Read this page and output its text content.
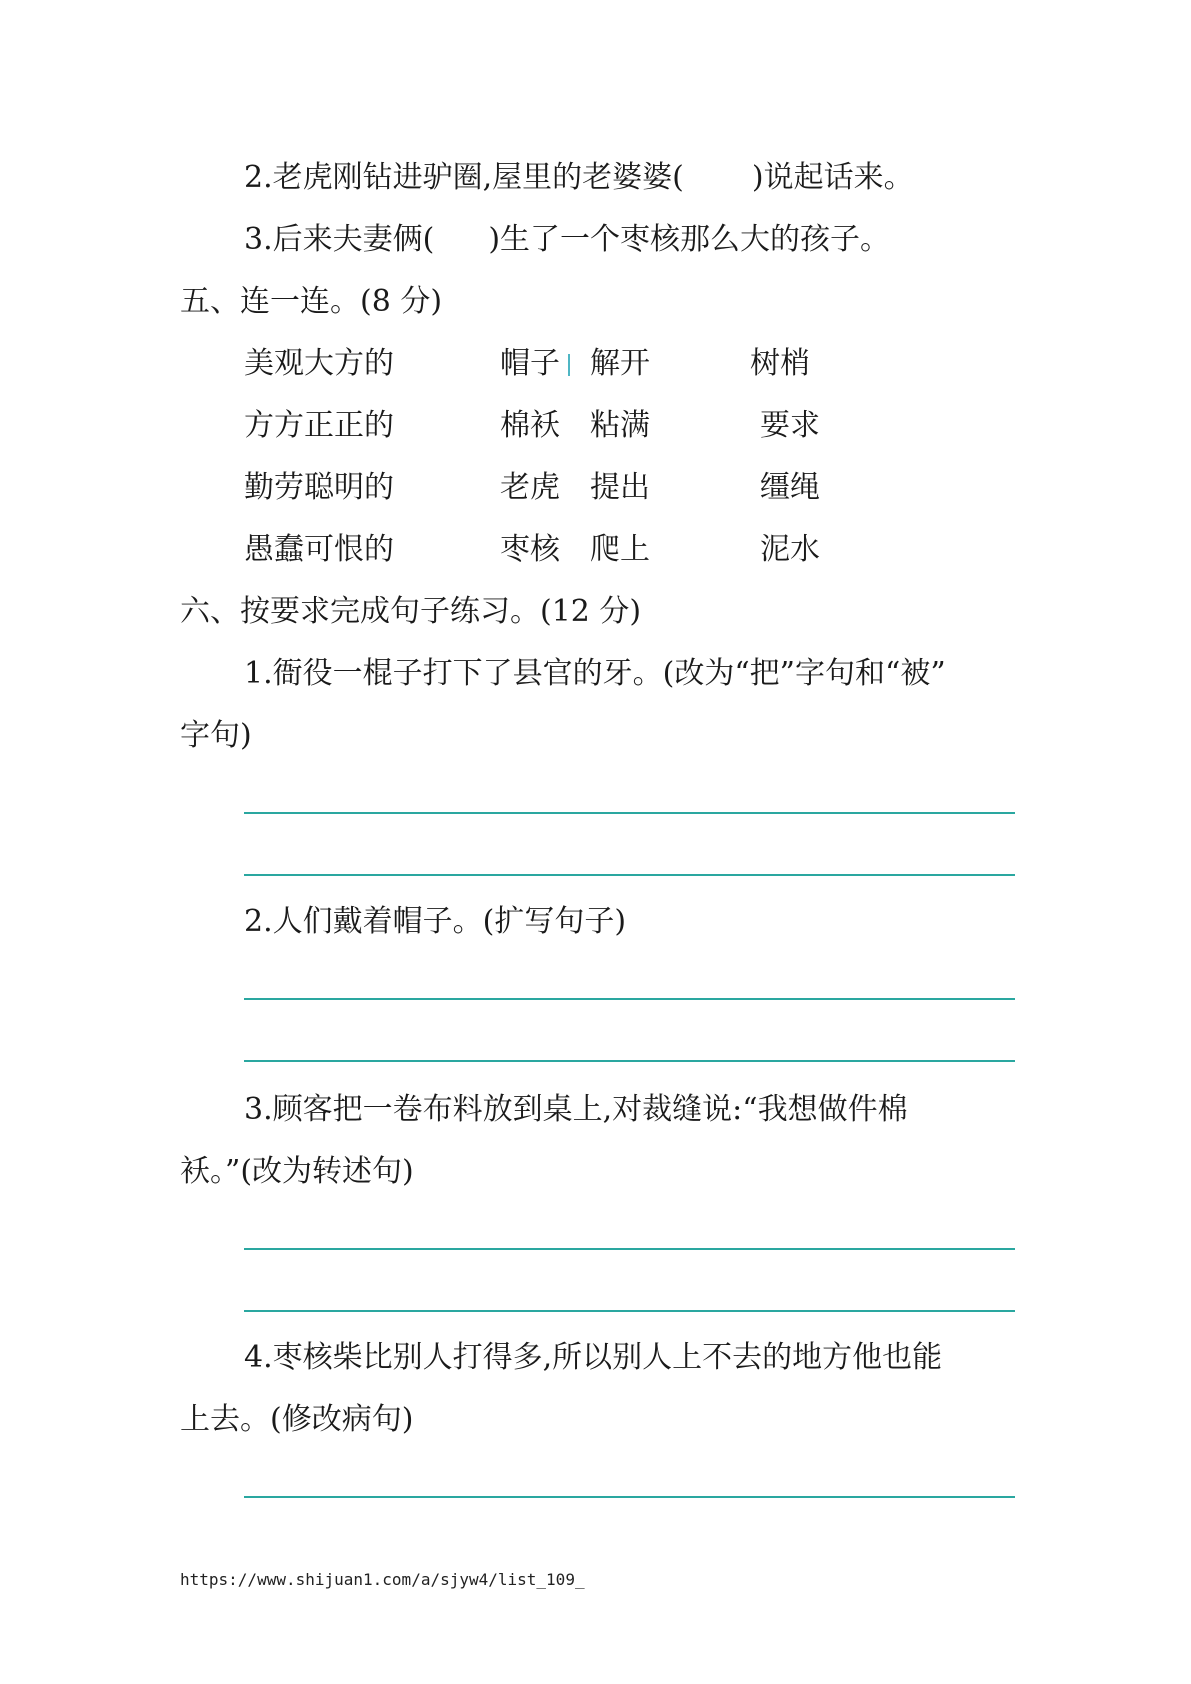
2.老虎刚钻进驴圈,屋里的老婆婆( )说起话来。
3.后来夫妻俩( )生了一个枣核那么大的孩子。
五、连一连。(8 分)
美观大方的
方方正正的
勤劳聪明的
愚蠢可恨的
帽子
棉袄
老虎
枣核
解开
粘满
提出
爬上
树梢
要求
缰绳
泥水
六、按要求完成句子练习。(12 分)
1.衙役一棍子打下了县官的牙。(改为“把”字句和“被”
字句)
2.人们戴着帽子。(扩写句子)
3.顾客把一卷布料放到桌上,对裁缝说:“我想做件棉
袄。”(改为转述句)
4.枣核柴比别人打得多,所以别人上不去的地方他也能
上去。(修改病句)
https://www.shijuan1.com/a/sjyw4/list_109_
